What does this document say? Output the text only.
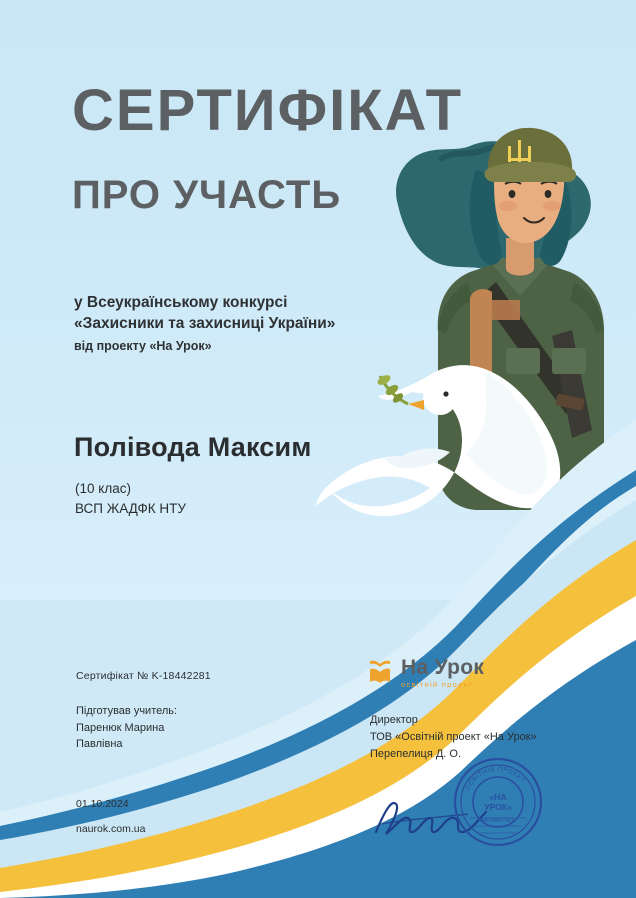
СЕРТИФІКАТ
ПРО УЧАСТЬ
у Всеукраїнському конкурсі
«Захисники та захисниці України»
від проекту «На Урок»
Полівода Максим
(10 клас)
ВСП ЖАДФК НТУ
Сертифікат № K-18442281
Підготував учитель:
Паренюк Марина
Павлівна
01.10.2024
naurok.com.ua
На Урок
освітній проект
Директор
ТОВ «Освітній проект «На Урок»
Перепелиця Д. О.
ОСВІТНІЙ ПРОЕКТ
«НА
УРОК»
№41989174817
